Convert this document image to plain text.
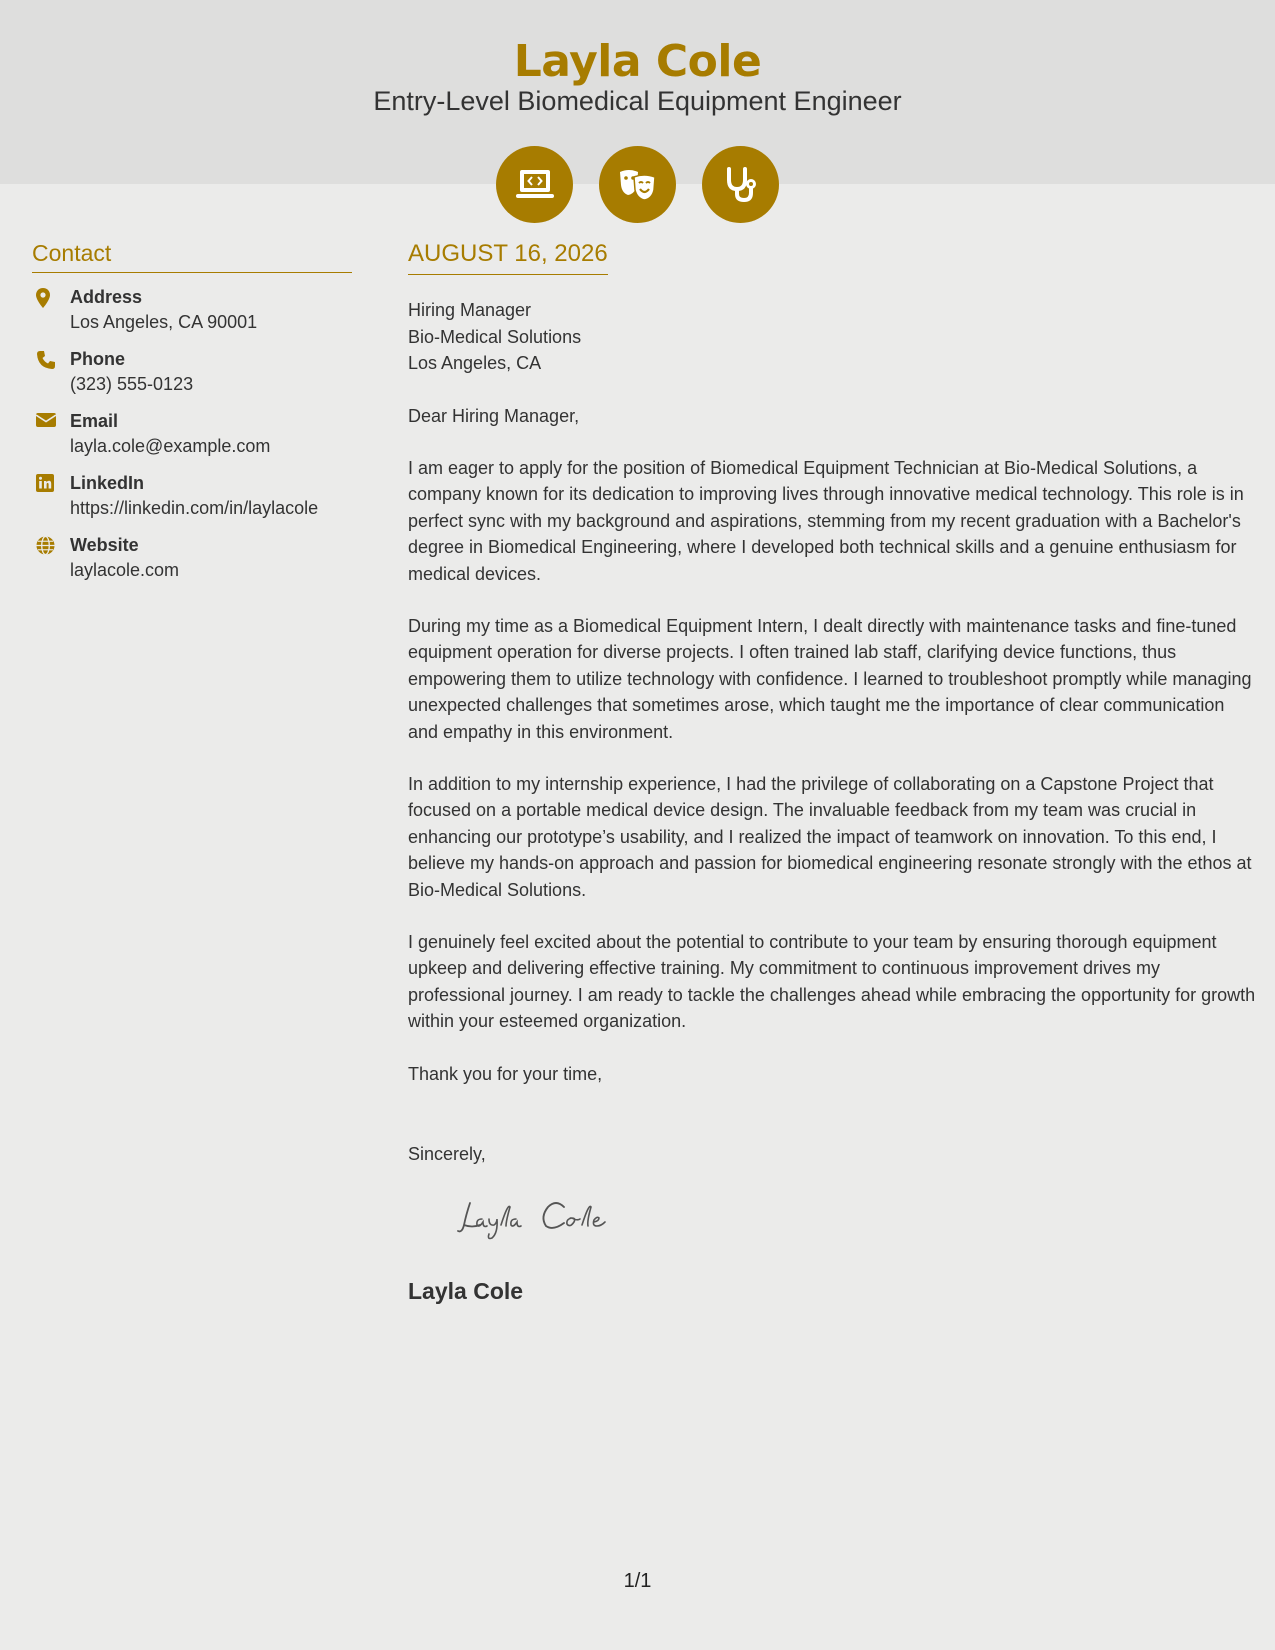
Layla Cole
Entry-Level Biomedical Equipment Engineer
Contact
Address
Los Angeles, CA 90001
Phone
(323) 555-0123
Email
layla.cole@example.com
LinkedIn
https://linkedin.com/in/laylacole
Website
laylacole.com
AUGUST 16, 2026
Hiring Manager
Bio-Medical Solutions
Los Angeles, CA

Dear Hiring Manager,

I am eager to apply for the position of Biomedical Equipment Technician at Bio-Medical Solutions, a company known for its dedication to improving lives through innovative medical technology. This role is in perfect sync with my background and aspirations, stemming from my recent graduation with a Bachelor's degree in Biomedical Engineering, where I developed both technical skills and a genuine enthusiasm for medical devices.

During my time as a Biomedical Equipment Intern, I dealt directly with maintenance tasks and fine-tuned equipment operation for diverse projects. I often trained lab staff, clarifying device functions, thus empowering them to utilize technology with confidence. I learned to troubleshoot promptly while managing unexpected challenges that sometimes arose, which taught me the importance of clear communication and empathy in this environment.

In addition to my internship experience, I had the privilege of collaborating on a Capstone Project that focused on a portable medical device design. The invaluable feedback from my team was crucial in enhancing our prototype’s usability, and I realized the impact of teamwork on innovation. To this end, I believe my hands-on approach and passion for biomedical engineering resonate strongly with the ethos at Bio-Medical Solutions.

I genuinely feel excited about the potential to contribute to your team by ensuring thorough equipment upkeep and delivering effective training. My commitment to continuous improvement drives my professional journey. I am ready to tackle the challenges ahead while embracing the opportunity for growth within your esteemed organization.

Thank you for your time,

Sincerely,

Layla Cole
1/1
